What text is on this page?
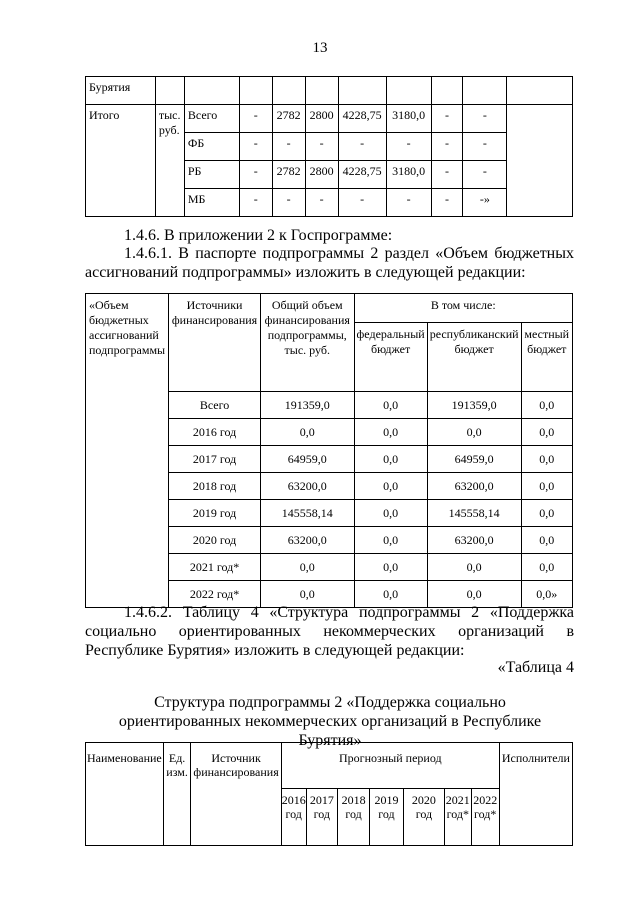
13
Бурятия										
Итого	тыс. руб.	Всего	-	2782	2800	4228,75	3180,0	-	-	
		ФБ	-	-	-	-	-	-	-	
		РБ	-	2782	2800	4228,75	3180,0	-	-	
		МБ	-	-	-	-	-	-	-»	
1.4.6. В приложении 2 к Госпрограмме:
1.4.6.1. В паспорте подпрограммы 2 раздел «Объем бюджетных ассигнований подпрограммы» изложить в следующей редакции:
«Объем бюджетных ассигнований подпрограммы	Источники финансирования	Общий объем финансирования подпрограммы, тыс. руб.	В том числе:		
			федеральный бюджет	республиканский бюджет	местный бюджет
	Всего	191359,0	0,0	191359,0	0,0
	2016 год	0,0	0,0	0,0	0,0
	2017 год	64959,0	0,0	64959,0	0,0
	2018 год	63200,0	0,0	63200,0	0,0
	2019 год	145558,14	0,0	145558,14	0,0
	2020 год	63200,0	0,0	63200,0	0,0
	2021 год*	0,0	0,0	0,0	0,0
	2022 год*	0,0	0,0	0,0	0,0»
1.4.6.2. Таблицу 4 «Структура подпрограммы 2 «Поддержка социально ориентированных некоммерческих организаций в Республике Бурятия» изложить в следующей редакции:
«Таблица 4
Структура подпрограммы 2 «Поддержка социально ориентированных некоммерческих организаций в Республике Бурятия»
Наименование	Ед. изм.	Источник финансирования	Прогнозный период							Исполнители
			2016 год	2017 год	2018 год	2019 год	2020 год	2021 год*	2022 год*	
